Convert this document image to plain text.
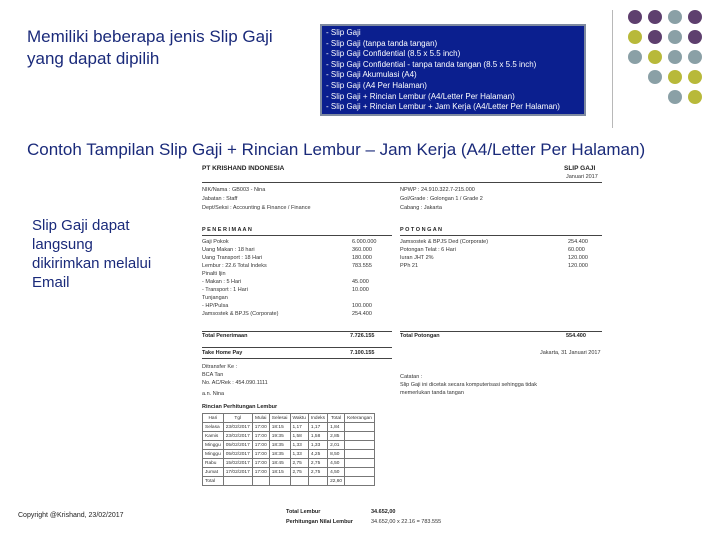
Memiliki beberapa jenis Slip Gaji yang dapat dipilih
- Slip Gaji
- Slip Gaji (tanpa tanda tangan)
- Slip Gaji Confidential (8.5 x 5.5 inch)
- Slip Gaji Confidential - tanpa tanda tangan (8.5 x 5.5 inch)
- Slip Gaji Akumulasi (A4)
- Slip Gaji (A4 Per Halaman)
- Slip Gaji + Rincian Lembur (A4/Letter Per Halaman)
- Slip Gaji + Rincian Lembur + Jam Kerja (A4/Letter Per Halaman)
Contoh Tampilan Slip Gaji + Rincian Lembur – Jam Kerja (A4/Letter Per Halaman)
Slip Gaji dapat langsung dikirimkan melalui Email
PT KRISHAND INDONESIA	SLIP GAJI
Januari 2017
NIK/Nama : GB003 - Nina
Jabatan : Staff
Dept/Seksi : Accounting & Finance / Finance
NPWP : 24.910.322.7-215.000
Gol/Grade : Golongan 1 / Grade 2
Cabang : Jakarta
P E N E R I M A A N	P O T O N G A N
Gaji Pokok	6.000.000
Uang Makan : 18 hari	360.000
Uang Transport : 18 Hari	180.000
Lembur : 22.6 Total Indeks	783.555
Pinalti Ijin
- Makan : 5 Hari	45.000
- Transport : 1 Hari	10.000
Tunjangan
- HP/Pulsa	100.000
Jamsostek & BPJS (Corporate)	254.400
Jamsostek & BPJS Ded (Corporate)	254.400
Potongan Telat : 6 Hari	60.000
Iuran JHT 2%	120.000
PPh 21	120.000
Total Penerimaan	7.726.155	Total Potongan	554.400
Take Home Pay	7.100.155	Jakarta, 31 Januari 2017
Ditransfer Ke :
BCA Tan
No. AC/Rek : 454.090.1111
a.n. Nina
Catatan :
Slip Gaji ini dicetak secara komputerisasi sehingga tidak
memerlukan tanda tangan
Rincian Perhitungan Lembur
Hari	Tgl	Mulai	Selesai	Waktu	Indeks	Total	Keterangan
Selasa	23/02/2017	17:00	18:15	1,17	1,17	1,84	
Kamis	23/02/2017	17:00	19:35	1,58	1,58	2,85	
Minggu	05/02/2017	17:00	18:35	1,33	1,33	2,01	
Minggu	05/02/2017	17:00	18:35	1,33	4,25	8,50	
Rabu	15/02/2017	17:00	18:45	2,75	2,75	4,50	
Jumat	17/02/2017	17:00	18:15	2,75	2,75	4,50	
Total						22,60	
Total Lembur	34.652,00
Perhitungan Nilai Lembur	34.652,00 x 22.16 = 783.555
Copyright @Krishand, 23/02/2017
